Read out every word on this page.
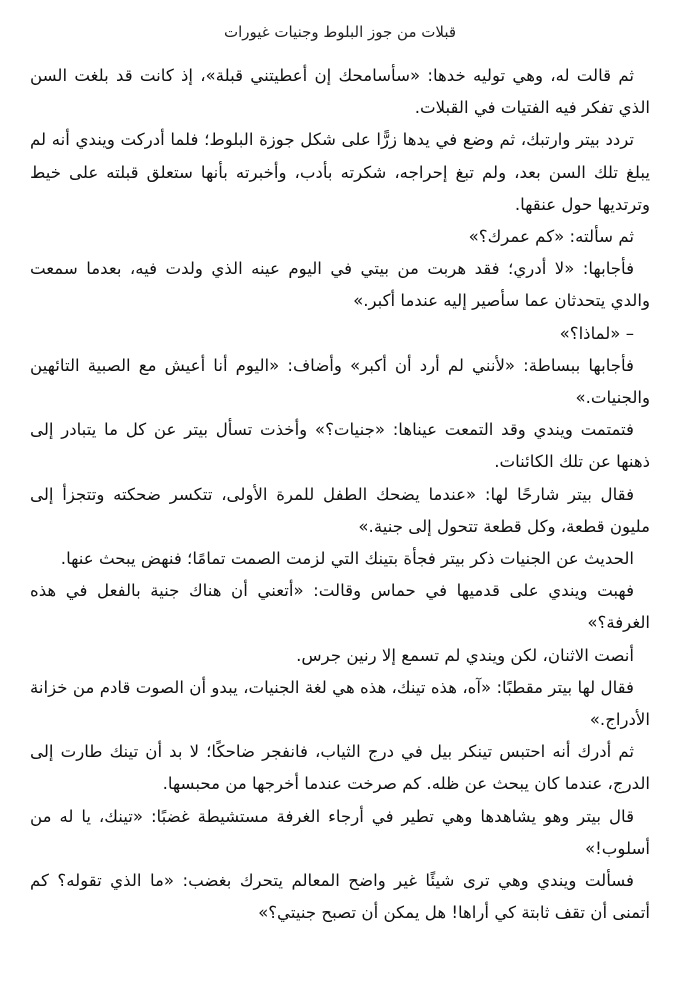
قبلات من جوز البلوط وجنيات غيورات

ثم قالت له، وهي توليه خدها: «سأسامحك إن أعطيتني قبلة»، إذ كانت قد بلغت السن الذي تفكر فيه الفتيات في القبلات.

تردد بيتر وارتبك، ثم وضع في يدها زرًّا على شكل جوزة البلوط؛ فلما أدركت ويندي أنه لم يبلغ تلك السن بعد، ولم تبغ إحراجه، شكرته بأدب، وأخبرته بأنها ستعلق قبلته على خيط وترتديها حول عنقها.

ثم سألته: «كم عمرك؟»

فأجابها: «لا أدري؛ فقد هربت من بيتي في اليوم عينه الذي ولدت فيه، بعدما سمعت والدي يتحدثان عما سأصير إليه عندما أكبر.»

– «لماذا؟»

فأجابها ببساطة: «لأنني لم أرد أن أكبر» وأضاف: «اليوم أنا أعيش مع الصبية التائهين والجنيات.»

فتمتمت ويندي وقد التمعت عيناها: «جنيات؟» وأخذت تسأل بيتر عن كل ما يتبادر إلى ذهنها عن تلك الكائنات.

فقال بيتر شارحًا لها: «عندما يضحك الطفل للمرة الأولى، تتكسر ضحكته وتتجزأ إلى مليون قطعة، وكل قطعة تتحول إلى جنية.»

الحديث عن الجنيات ذكر بيتر فجأة بتينك التي لزمت الصمت تمامًا؛ فنهض يبحث عنها.

فهبت ويندي على قدميها في حماس وقالت: «أتعني أن هناك جنية بالفعل في هذه الغرفة؟»

أنصت الاثنان، لكن ويندي لم تسمع إلا رنين جرس.

فقال لها بيتر مقطبًا: «آه، هذه تينك، هذه هي لغة الجنيات، يبدو أن الصوت قادم من خزانة الأدراج.»

ثم أدرك أنه احتبس تينكر بيل في درج الثياب، فانفجر ضاحكًا؛ لا بد أن تينك طارت إلى الدرج، عندما كان يبحث عن ظله. كم صرخت عندما أخرجها من محبسها.

قال بيتر وهو يشاهدها وهي تطير في أرجاء الغرفة مستشيطة غضبًا: «تينك، يا له من أسلوب!»

فسألت ويندي وهي ترى شيئًا غير واضح المعالم يتحرك بغضب: «ما الذي تقوله؟ كم أتمنى أن تقف ثابتة كي أراها! هل يمكن أن تصبح جنيتي؟»
